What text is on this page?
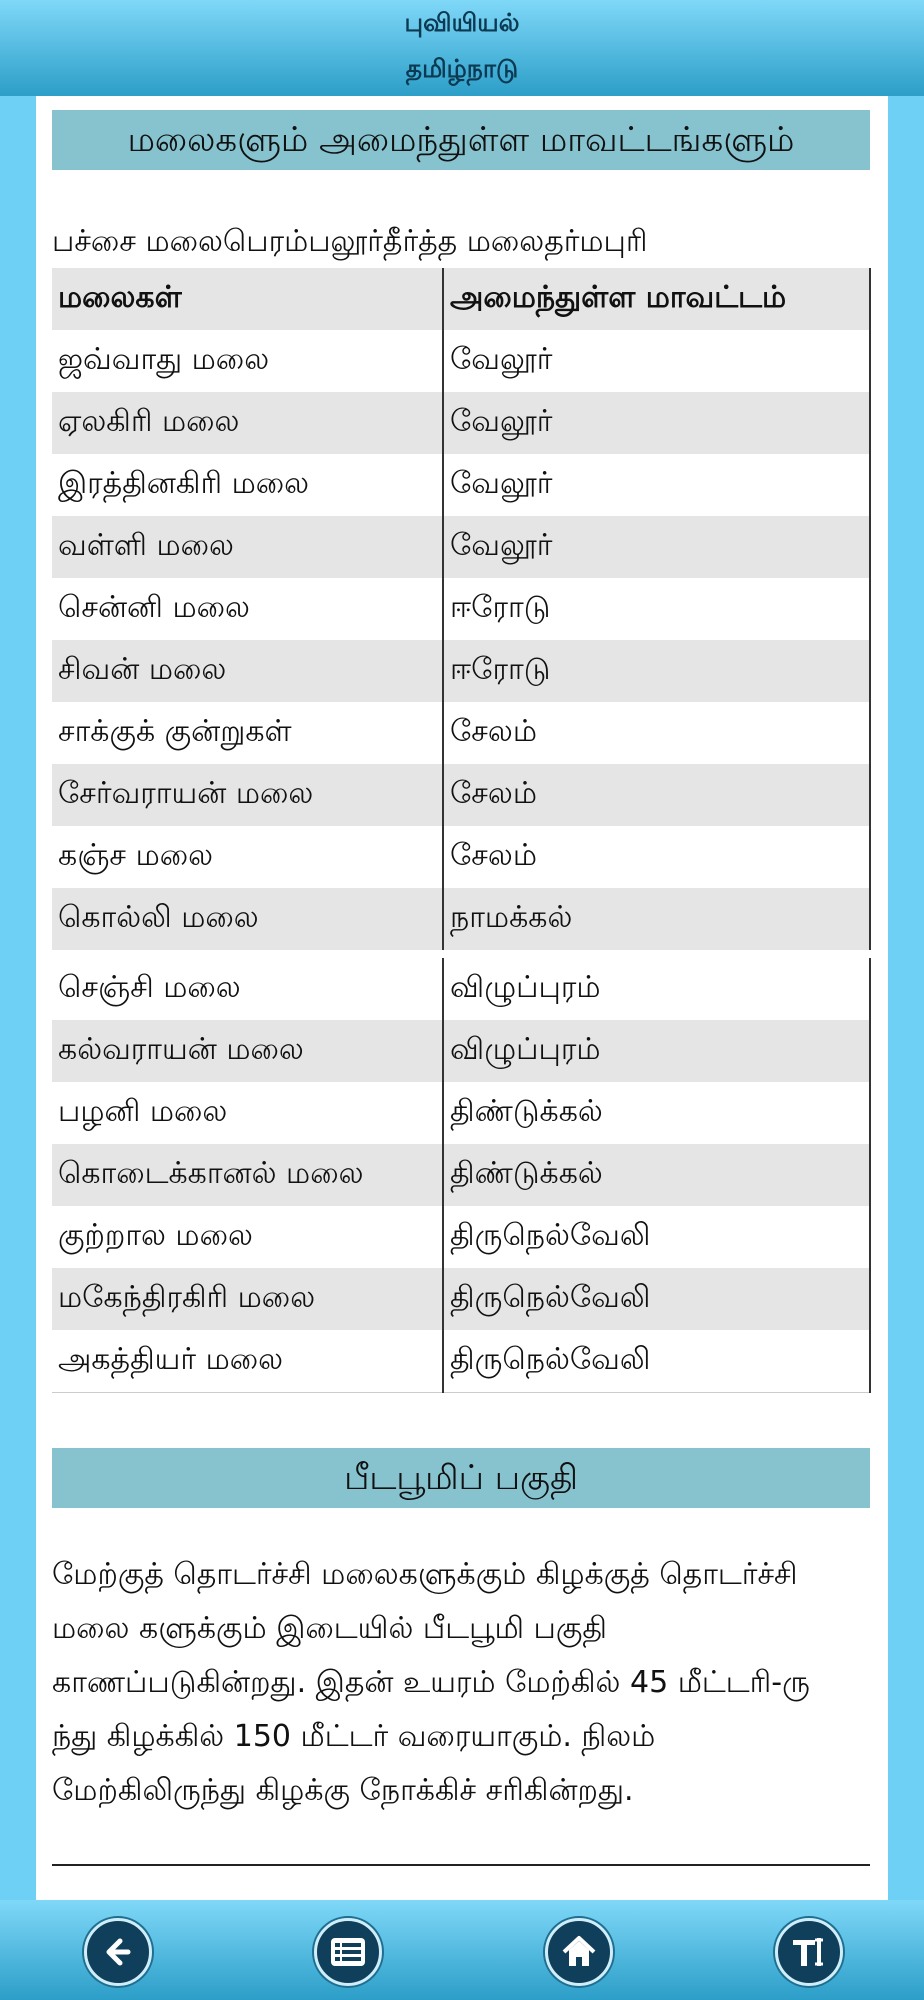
புவியியல்
தமிழ்நாடு
மலைகளும் அமைந்துள்ள மாவட்டங்களும்
பச்சை மலைபெரம்பலூர்தீர்த்த மலைதர்மபுரி
மலைகள்	அமைந்துள்ள மாவட்டம்
ஜவ்வாது மலை	வேலூர்
ஏலகிரி மலை	வேலூர்
இரத்தினகிரி மலை	வேலூர்
வள்ளி மலை	வேலூர்
சென்னி மலை	ஈரோடு
சிவன் மலை	ஈரோடு
சாக்குக் குன்றுகள்	சேலம்
சேர்வராயன் மலை	சேலம்
கஞ்ச மலை	சேலம்
கொல்லி மலை	நாமக்கல்
செஞ்சி மலை	விழுப்புரம்
கல்வராயன் மலை	விழுப்புரம்
பழனி மலை	திண்டுக்கல்
கொடைக்கானல் மலை	திண்டுக்கல்
குற்றால மலை	திருநெல்வேலி
மகேந்திரகிரி மலை	திருநெல்வேலி
அகத்தியர் மலை	திருநெல்வேலி
பீடபூமிப் பகுதி
மேற்குத் தொடர்ச்சி மலைகளுக்கும் கிழக்குத் தொடர்ச்சி
மலை களுக்கும் இடையில் பீடபூமி பகுதி
காணப்படுகின்றது. இதன் உயரம் மேற்கில் 45 மீட்டரி-ரு
ந்து கிழக்கில் 150 மீட்டர் வரையாகும். நிலம்
மேற்கிலிருந்து கிழக்கு நோக்கிச் சரிகின்றது.
